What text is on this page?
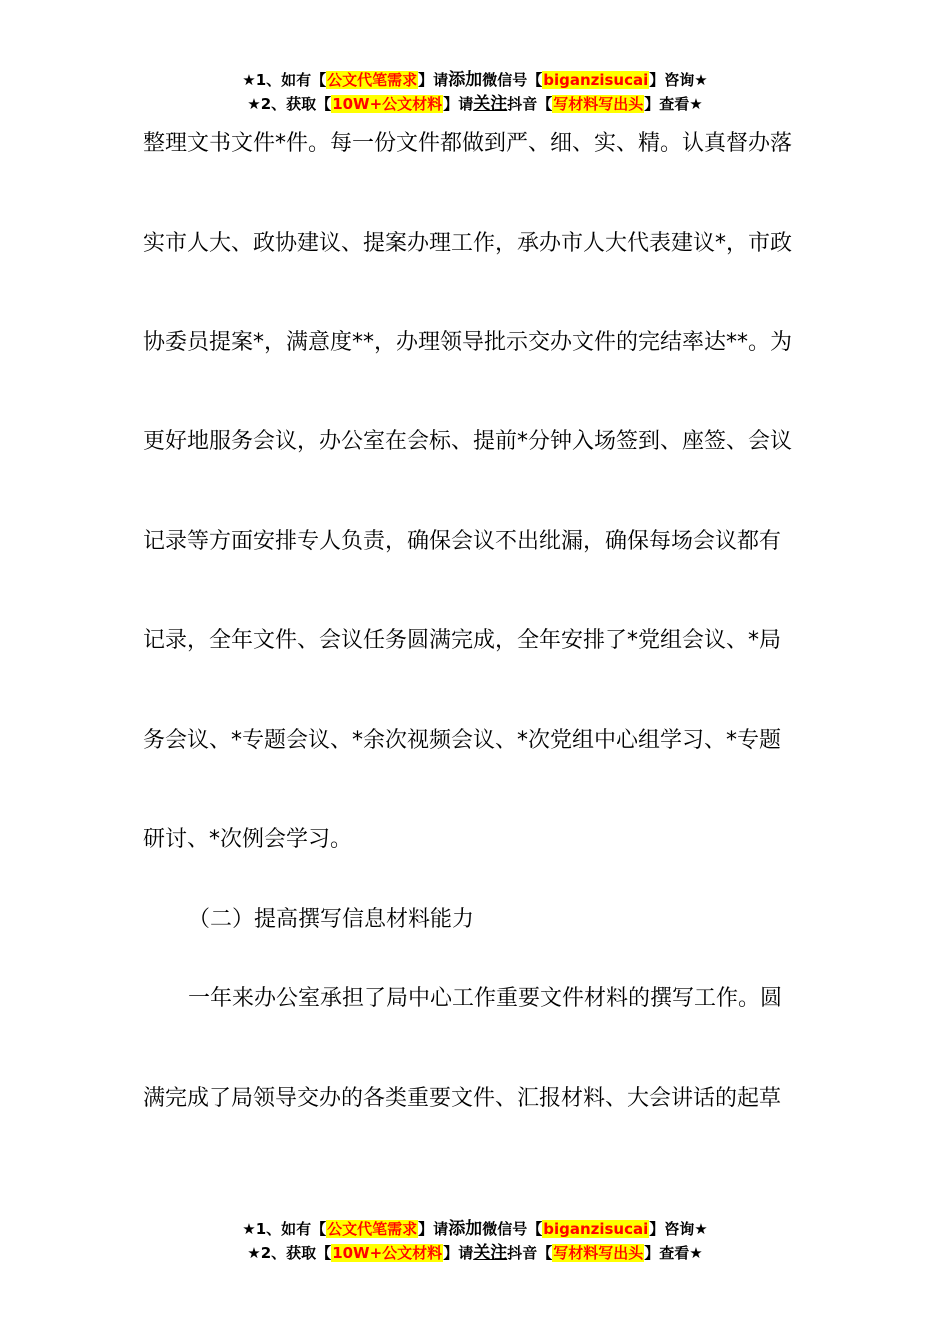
★1、如有【公文代笔需求】请添加微信号【biganzisucai】咨询★
★2、获取【10W+公文材料】请关注抖音【写材料写出头】查看★
整理文书文件*件。每一份文件都做到严、细、实、精。认真督办落
实市人大、政协建议、提案办理工作，承办市人大代表建议*，市政
协委员提案*，满意度**，办理领导批示交办文件的完结率达**。为
更好地服务会议，办公室在会标、提前*分钟入场签到、座签、会议
记录等方面安排专人负责，确保会议不出纰漏，确保每场会议都有
记录，全年文件、会议任务圆满完成，全年安排了*党组会议、*局
务会议、*专题会议、*余次视频会议、*次党组中心组学习、*专题
研讨、*次例会学习。
（二）提高撰写信息材料能力
一年来办公室承担了局中心工作重要文件材料的撰写工作。圆
满完成了局领导交办的各类重要文件、汇报材料、大会讲话的起草
★1、如有【公文代笔需求】请添加微信号【biganzisucai】咨询★
★2、获取【10W+公文材料】请关注抖音【写材料写出头】查看★
